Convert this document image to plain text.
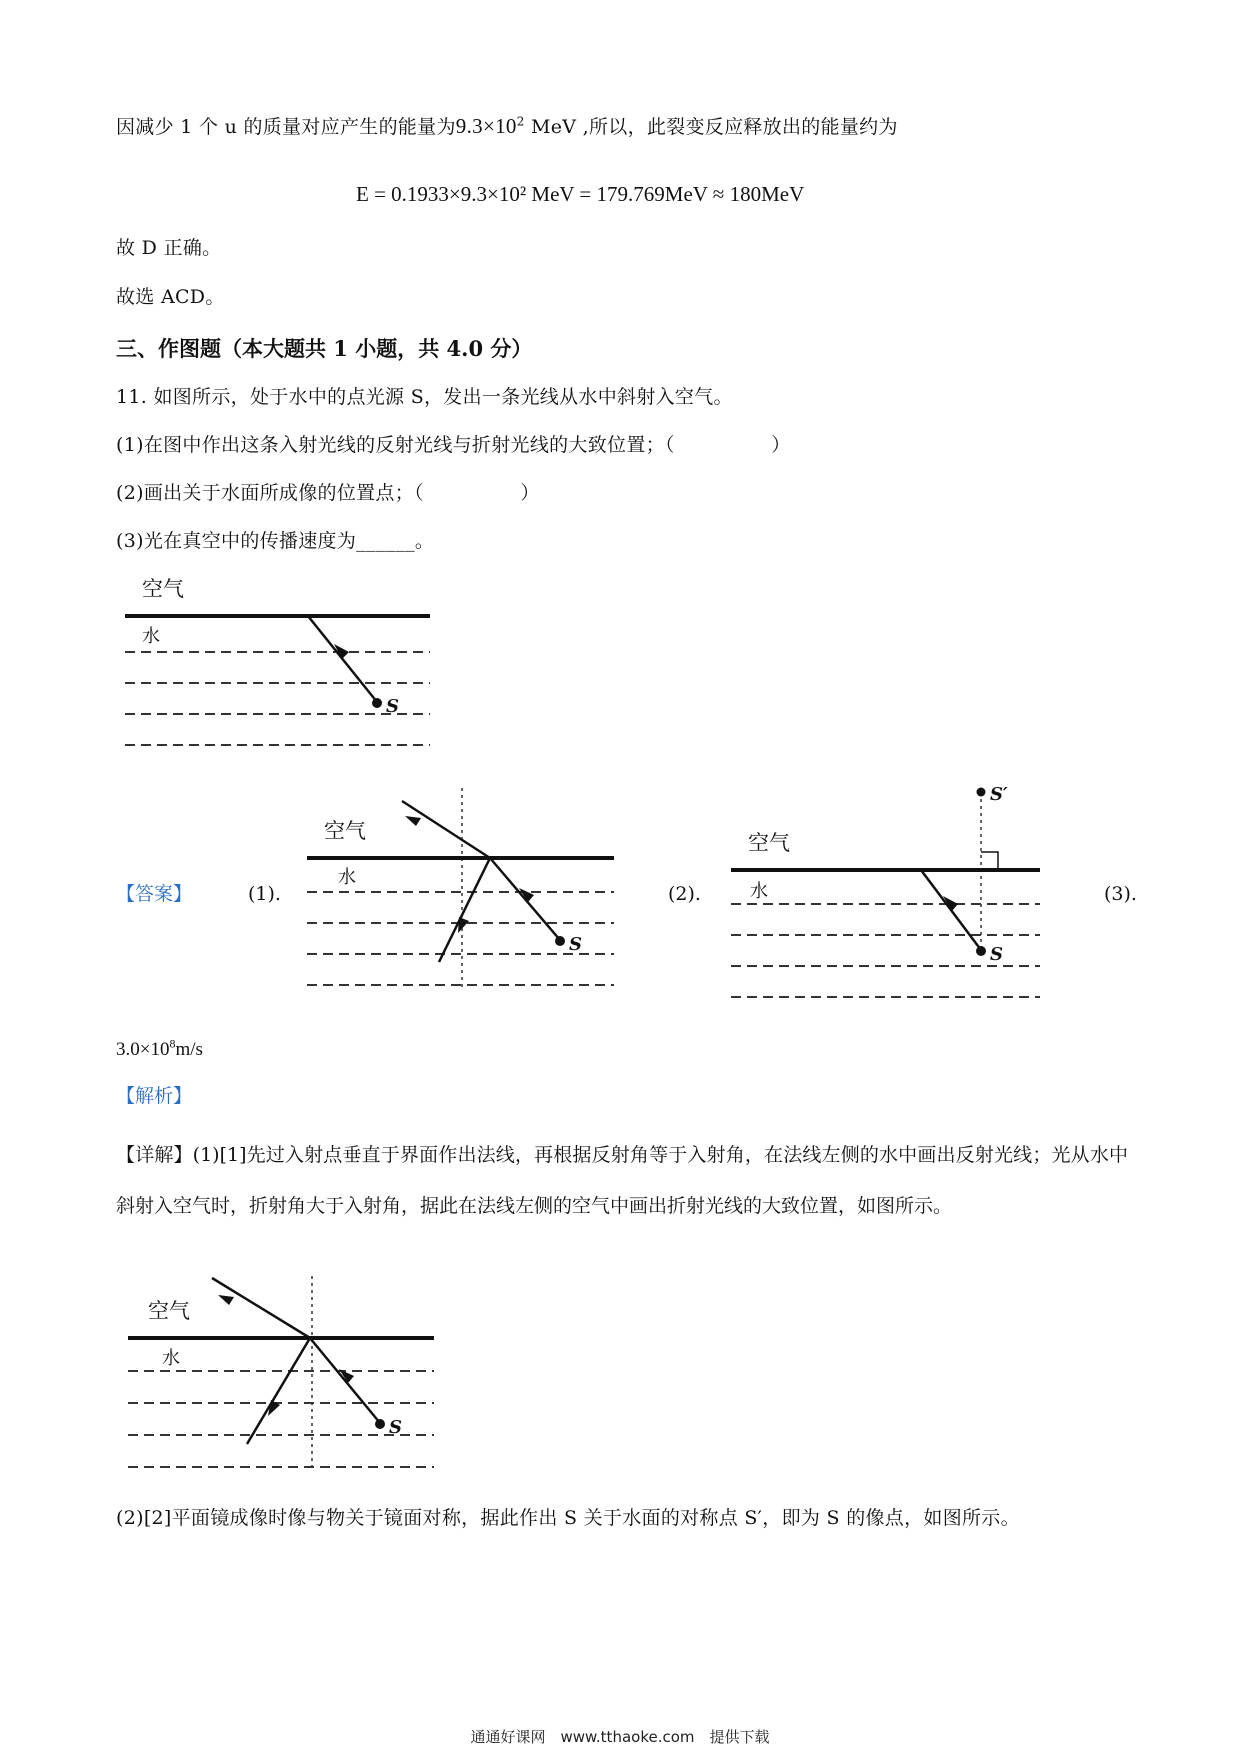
因减少 1 个 u 的质量对应产生的能量为$9.3\times 10^2$ MeV ,所以，此裂变反应释放出的能量约为
E = 0.1933×9.3×10² MeV = 179.769MeV ≈ 180MeV
故 D 正确。
故选 ACD。
三、作图题（本大题共 1 小题，共 4.0 分）
11. 如图所示，处于水中的点光源 S，发出一条光线从水中斜射入空气。
(1)在图中作出这条入射光线的反射光线与折射光线的大致位置；（　　　　　）
(2)画出关于水面所成像的位置点；（　　　　　）
(3)光在真空中的传播速度为______。
空气
水
S
【答案】	(1).
空气
水
S
(2).
空气
S′
水
S
(3).
$3.0\times 10^8m/s$
【解析】
【详解】(1)[1]先过入射点垂直于界面作出法线，再根据反射角等于入射角，在法线左侧的水中画出反射光线；光从水中斜射入空气时，折射角大于入射角，据此在法线左侧的空气中画出折射光线的大致位置，如图所示。
空气
水
S
(2)[2]平面镜成像时像与物关于镜面对称，据此作出 S 关于水面的对称点 S′，即为 S 的像点，如图所示。
通通好课网　www.tthaoke.com　提供下载
